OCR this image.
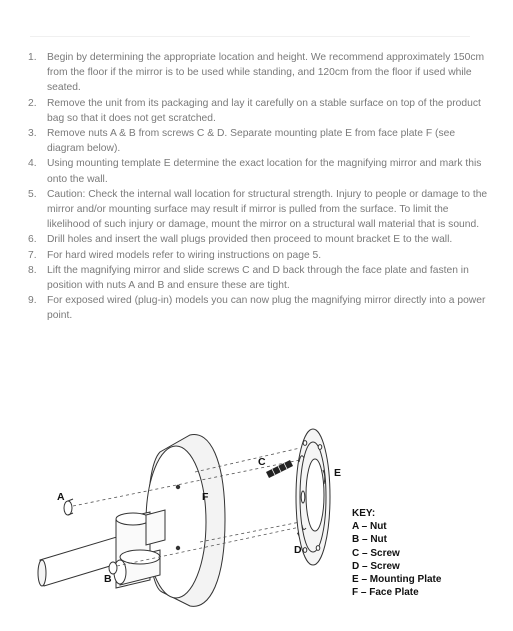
1. Begin by determining the appropriate location and height. We recommend approximately 150cm from the floor if the mirror is to be used while standing, and 120cm from the floor if used while seated.
2. Remove the unit from its packaging and lay it carefully on a stable surface on top of the product bag so that it does not get scratched.
3. Remove nuts A & B from screws C & D. Separate mounting plate E from face plate F (see diagram below).
4. Using mounting template E determine the exact location for the magnifying mirror and mark this onto the wall.
5. Caution: Check the internal wall location for structural strength. Injury to people or damage to the mirror and/or mounting surface may result if mirror is pulled from the surface. To limit the likelihood of such injury or damage, mount the mirror on a structural wall material that is sound.
6. Drill holes and insert the wall plugs provided then proceed to mount bracket E to the wall.
7. For hard wired models refer to wiring instructions on page 5.
8. Lift the magnifying mirror and slide screws C and D back through the face plate and fasten in position with nuts A and B and ensure these are tight.
9. For exposed wired (plug-in) models you can now plug the magnifying mirror directly into a power point.
A
B
C
D
E
F
KEY:
A – Nut
B – Nut
C – Screw
D – Screw
E – Mounting Plate
F – Face Plate
